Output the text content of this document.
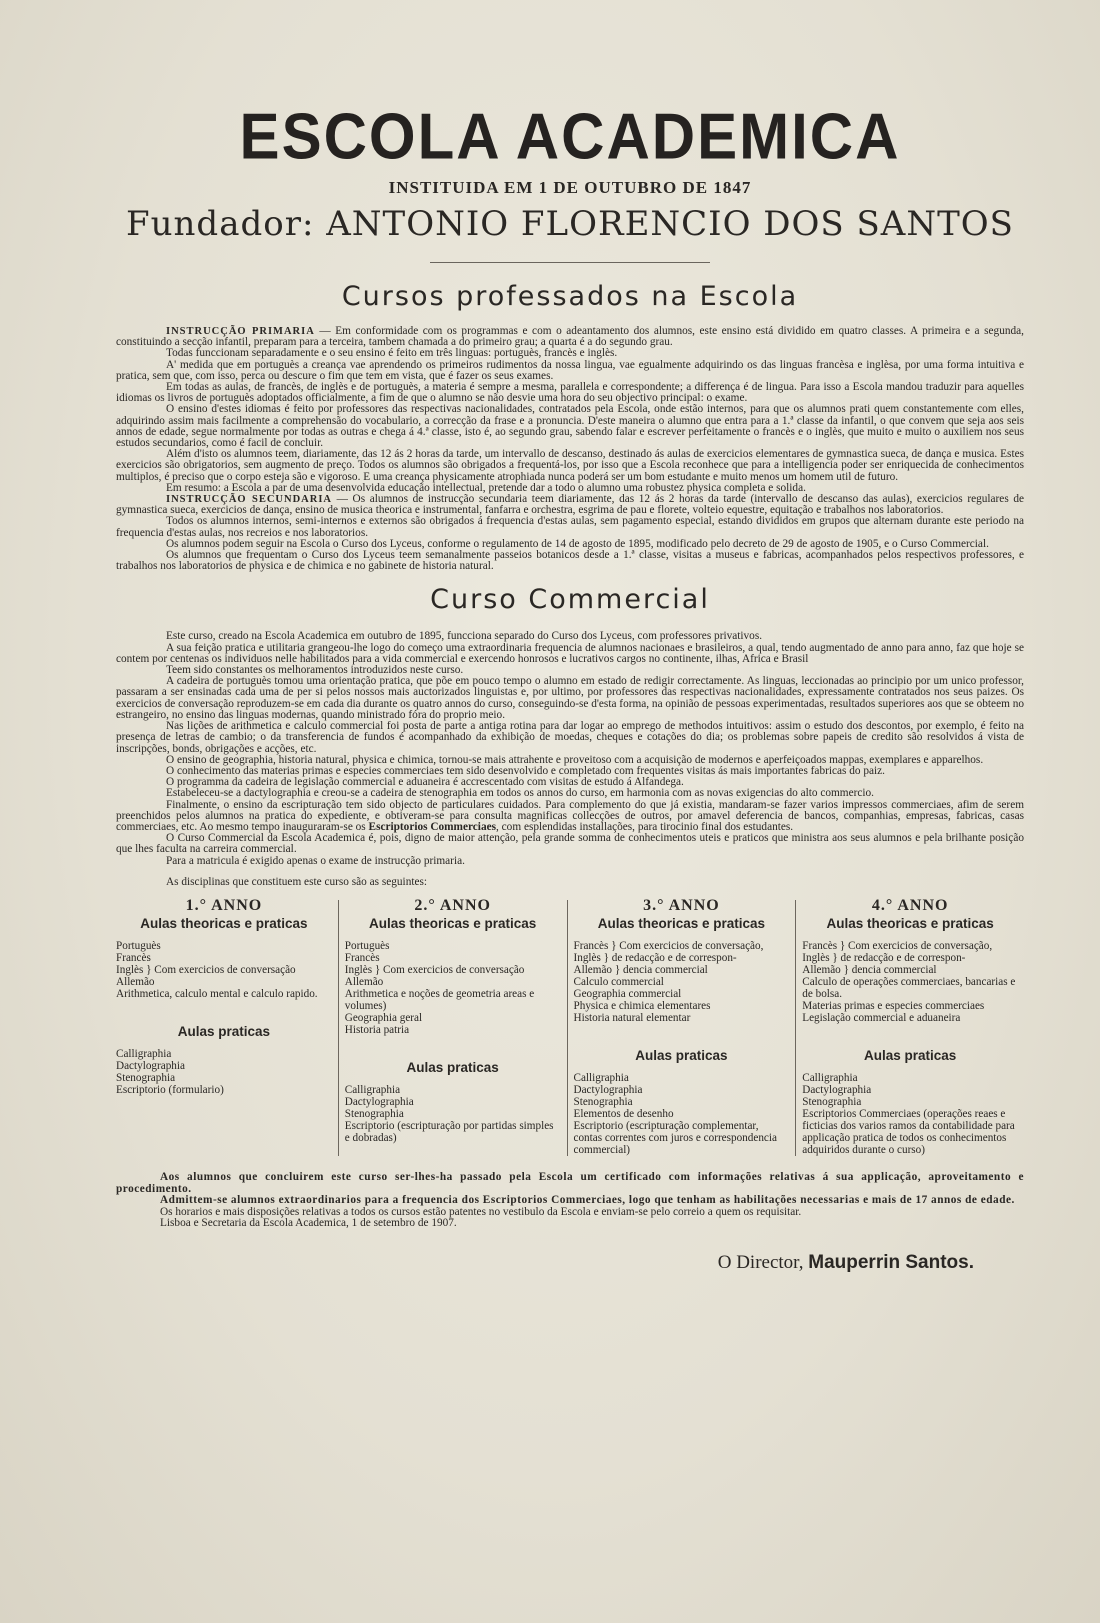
ESCOLA ACADEMICA
INSTITUIDA EM 1 DE OUTUBRO DE 1847
Fundador: ANTONIO FLORENCIO DOS SANTOS
Cursos professados na Escola

INSTRUCÇÃO PRIMARIA — Em conformidade com os programmas e com o adeantamento dos alumnos, este ensino está dividido em quatro classes. A primeira e a segunda, constituindo a secção infantil, preparam para a terceira, tambem chamada a do primeiro grau; a quarta é a do segundo grau.

Todas funccionam separadamente e o seu ensino é feito em três linguas: portuguès, francès e inglès.

A' medida que em portuguès a creança vae aprendendo os primeiros rudimentos da nossa lingua, vae egualmente adquirindo os das linguas francèsa e inglèsa, por uma forma intuitiva e pratica, sem que, com isso, perca ou descure o fim que tem em vista, que é fazer os seus exames.

Em todas as aulas, de francès, de inglès e de portuguès, a materia é sempre a mesma, parallela e correspondente; a differença é de lingua. Para isso a Escola mandou traduzir para aquelles idiomas os livros de portuguès adoptados officialmente, a fim de que o alumno se não desvie uma hora do seu objectivo principal: o exame.

O ensino d'estes idiomas é feito por professores das respectivas nacionalidades, contratados pela Escola, onde estão internos, para que os alumnos prati quem constantemente com elles, adquirindo assim mais facilmente a comprehensão do vocabulario, a correcção da frase e a pronuncia. D'este maneira o alumno que entra para a 1.ª classe da infantil, o que convem que seja aos seis annos de edade, segue normalmente por todas as outras e chega á 4.ª classe, isto é, ao segundo grau, sabendo falar e escrever perfeitamente o francès e o inglès, que muito e muito o auxiliem nos seus estudos secundarios, como é facil de concluir.

Além d'isto os alumnos teem, diariamente, das 12 ás 2 horas da tarde, um intervallo de descanso, destinado ás aulas de exercicios elementares de gymnastica sueca, de dança e musica. Estes exercicios são obrigatorios, sem augmento de preço. Todos os alumnos são obrigados a frequentá-los, por isso que a Escola reconhece que para a intelligencia poder ser enriquecida de conhecimentos multiplos, é preciso que o corpo esteja são e vigoroso. E uma creança physicamente atrophiada nunca poderá ser um bom estudante e muito menos um homem util de futuro.

Em resumo: a Escola a par de uma desenvolvida educação intellectual, pretende dar a todo o alumno uma robustez physica completa e solida.

INSTRUCÇÃO SECUNDARIA — Os alumnos de instrucção secundaria teem diariamente, das 12 ás 2 horas da tarde (intervallo de descanso das aulas), exercicios regulares de gymnastica sueca, exercicios de dança, ensino de musica theorica e instrumental, fanfarra e orchestra, esgrima de pau e florete, volteio equestre, equitação e trabalhos nos laboratorios.

Todos os alumnos internos, semi-internos e externos são obrigados á frequencia d'estas aulas, sem pagamento especial, estando divididos em grupos que alternam durante este periodo na frequencia d'estas aulas, nos recreios e nos laboratorios.

Os alumnos podem seguir na Escola o Curso dos Lyceus, conforme o regulamento de 14 de agosto de 1895, modificado pelo decreto de 29 de agosto de 1905, e o Curso Commercial.

Os alumnos que frequentam o Curso dos Lyceus teem semanalmente passeios botanicos desde a 1.ª classe, visitas a museus e fabricas, acompanhados pelos respectivos professores, e trabalhos nos laboratorios de physica e de chimica e no gabinete de historia natural.

Curso Commercial

Este curso, creado na Escola Academica em outubro de 1895, funcciona separado do Curso dos Lyceus, com professores privativos.

A sua feição pratica e utilitaria grangeou-lhe logo do começo uma extraordinaria frequencia de alumnos nacionaes e brasileiros, a qual, tendo augmentado de anno para anno, faz que hoje se contem por centenas os individuos nelle habilitados para a vida commercial e exercendo honrosos e lucrativos cargos no continente, ilhas, Africa e Brasil

Teem sido constantes os melhoramentos introduzidos neste curso.

A cadeira de portuguès tomou uma orientação pratica, que põe em pouco tempo o alumno em estado de redigir correctamente. As linguas, leccionadas ao principio por um unico professor, passaram a ser ensinadas cada uma de per si pelos nossos mais auctorizados linguistas e, por ultimo, por professores das respectivas nacionalidades, expressamente contratados nos seus paizes. Os exercicios de conversação reproduzem-se em cada dia durante os quatro annos do curso, conseguindo-se d'esta forma, na opinião de pessoas experimentadas, resultados superiores aos que se obteem no estrangeiro, no ensino das linguas modernas, quando ministrado fóra do proprio meio.

Nas lições de arithmetica e calculo commercial foi posta de parte a antiga rotina para dar logar ao emprego de methodos intuitivos: assim o estudo dos descontos, por exemplo, é feito na presença de letras de cambio; o da transferencia de fundos é acompanhado da exhibição de moedas, cheques e cotações do dia; os problemas sobre papeis de credito são resolvidos á vista de inscripções, bonds, obrigações e acções, etc.

O ensino de geographia, historia natural, physica e chimica, tornou-se mais attrahente e proveitoso com a acquisição de modernos e aperfeiçoados mappas, exemplares e apparelhos.

O conhecimento das materias primas e especies commerciaes tem sido desenvolvido e completado com frequentes visitas ás mais importantes fabricas do paiz.

O programma da cadeira de legislação commercial e aduaneira é accrescentado com visitas de estudo á Alfandega.

Estabeleceu-se a dactylographia e creou-se a cadeira de stenographia em todos os annos do curso, em harmonia com as novas exigencias do alto commercio.

Finalmente, o ensino da escripturação tem sido objecto de particulares cuidados. Para complemento do que já existia, mandaram-se fazer varios impressos commerciaes, afim de serem preenchidos pelos alumnos na pratica do expediente, e obtiveram-se para consulta magnificas collecções de outros, por amavel deferencia de bancos, companhias, empresas, fabricas, casas commerciaes, etc. Ao mesmo tempo inauguraram-se os Escriptorios Commerciaes, com esplendidas installações, para tirocinio final dos estudantes.

O Curso Commercial da Escola Academica é, pois, digno de maior attenção, pela grande somma de conhecimentos uteis e praticos que ministra aos seus alumnos e pela brilhante posição que lhes faculta na carreira commercial.

Para a matricula é exigido apenas o exame de instrucção primaria.

As disciplinas que constituem este curso são as seguintes:

1.° ANNO
Aulas theoricas e praticas
Portuguès
Francès
Inglès } Com exercicios de conversação
Allemão
Arithmetica, calculo mental e calculo rapido.
Aulas praticas
Calligraphia
Dactylographia
Stenographia
Escriptorio (formulario)
2.° ANNO
Aulas theoricas e praticas
Portuguès
Francès
Inglès } Com exercicios de conversação
Allemão
Arithmetica e noções de geometria areas e volumes)
Geographia geral
Historia patria
Aulas praticas
Calligraphia
Dactylographia
Stenographia
Escriptorio (escripturação por partidas simples e dobradas)
3.° ANNO
Aulas theoricas e praticas
Francès } Com exercicios de conversação,
Inglès } de redacção e de correspon-
Allemão } dencia commercial
Calculo commercial
Geographia commercial
Physica e chimica elementares
Historia natural elementar
Aulas praticas
Calligraphia
Dactylographia
Stenographia
Elementos de desenho
Escriptorio (escripturação complementar, contas correntes com juros e correspondencia commercial)
4.° ANNO
Aulas theoricas e praticas
Francès } Com exercicios de conversação,
Inglès } de redacção e de correspon-
Allemão } dencia commercial
Calculo de operações commerciaes, bancarias e de bolsa.
Materias primas e especies commerciaes
Legislação commercial e aduaneira
Aulas praticas
Calligraphia
Dactylographia
Stenographia
Escriptorios Commerciaes (operações reaes e ficticias dos varios ramos da contabilidade para applicação pratica de todos os conhecimentos adquiridos durante o curso)

Aos alumnos que concluirem este curso ser-lhes-ha passado pela Escola um certificado com informações relativas á sua applicação, aproveitamento e procedimento.

Admittem-se alumnos extraordinarios para a frequencia dos Escriptorios Commerciaes, logo que tenham as habilitações necessarias e mais de 17 annos de edade.

Os horarios e mais disposições relativas a todos os cursos estão patentes no vestibulo da Escola e enviam-se pelo correio a quem os requisitar.

Lisboa e Secretaria da Escola Academica, 1 de setembro de 1907.

O Director, Mauperrin Santos.
